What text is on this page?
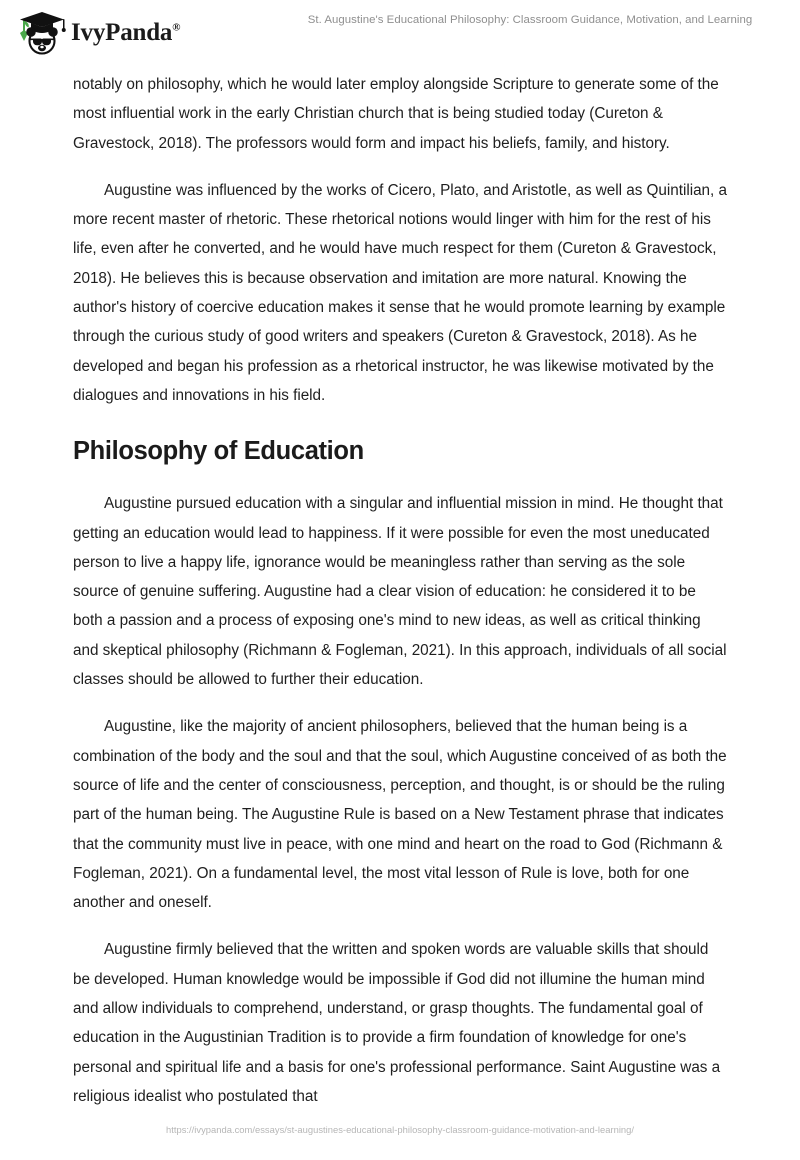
IvyPanda®
St. Augustine's Educational Philosophy: Classroom Guidance, Motivation, and Learning

notably on philosophy, which he would later employ alongside Scripture to generate some of the most influential work in the early Christian church that is being studied today (Cureton & Gravestock, 2018). The professors would form and impact his beliefs, family, and history.

Augustine was influenced by the works of Cicero, Plato, and Aristotle, as well as Quintilian, a more recent master of rhetoric. These rhetorical notions would linger with him for the rest of his life, even after he converted, and he would have much respect for them (Cureton & Gravestock, 2018). He believes this is because observation and imitation are more natural. Knowing the author's history of coercive education makes it sense that he would promote learning by example through the curious study of good writers and speakers (Cureton & Gravestock, 2018). As he developed and began his profession as a rhetorical instructor, he was likewise motivated by the dialogues and innovations in his field.

Philosophy of Education

Augustine pursued education with a singular and influential mission in mind. He thought that getting an education would lead to happiness. If it were possible for even the most uneducated person to live a happy life, ignorance would be meaningless rather than serving as the sole source of genuine suffering. Augustine had a clear vision of education: he considered it to be both a passion and a process of exposing one's mind to new ideas, as well as critical thinking and skeptical philosophy (Richmann & Fogleman, 2021). In this approach, individuals of all social classes should be allowed to further their education.

Augustine, like the majority of ancient philosophers, believed that the human being is a combination of the body and the soul and that the soul, which Augustine conceived of as both the source of life and the center of consciousness, perception, and thought, is or should be the ruling part of the human being. The Augustine Rule is based on a New Testament phrase that indicates that the community must live in peace, with one mind and heart on the road to God (Richmann & Fogleman, 2021). On a fundamental level, the most vital lesson of Rule is love, both for one another and oneself.

Augustine firmly believed that the written and spoken words are valuable skills that should be developed. Human knowledge would be impossible if God did not illumine the human mind and allow individuals to comprehend, understand, or grasp thoughts. The fundamental goal of education in the Augustinian Tradition is to provide a firm foundation of knowledge for one's personal and spiritual life and a basis for one's professional performance. Saint Augustine was a religious idealist who postulated that

https://ivypanda.com/essays/st-augustines-educational-philosophy-classroom-guidance-motivation-and-learning/
